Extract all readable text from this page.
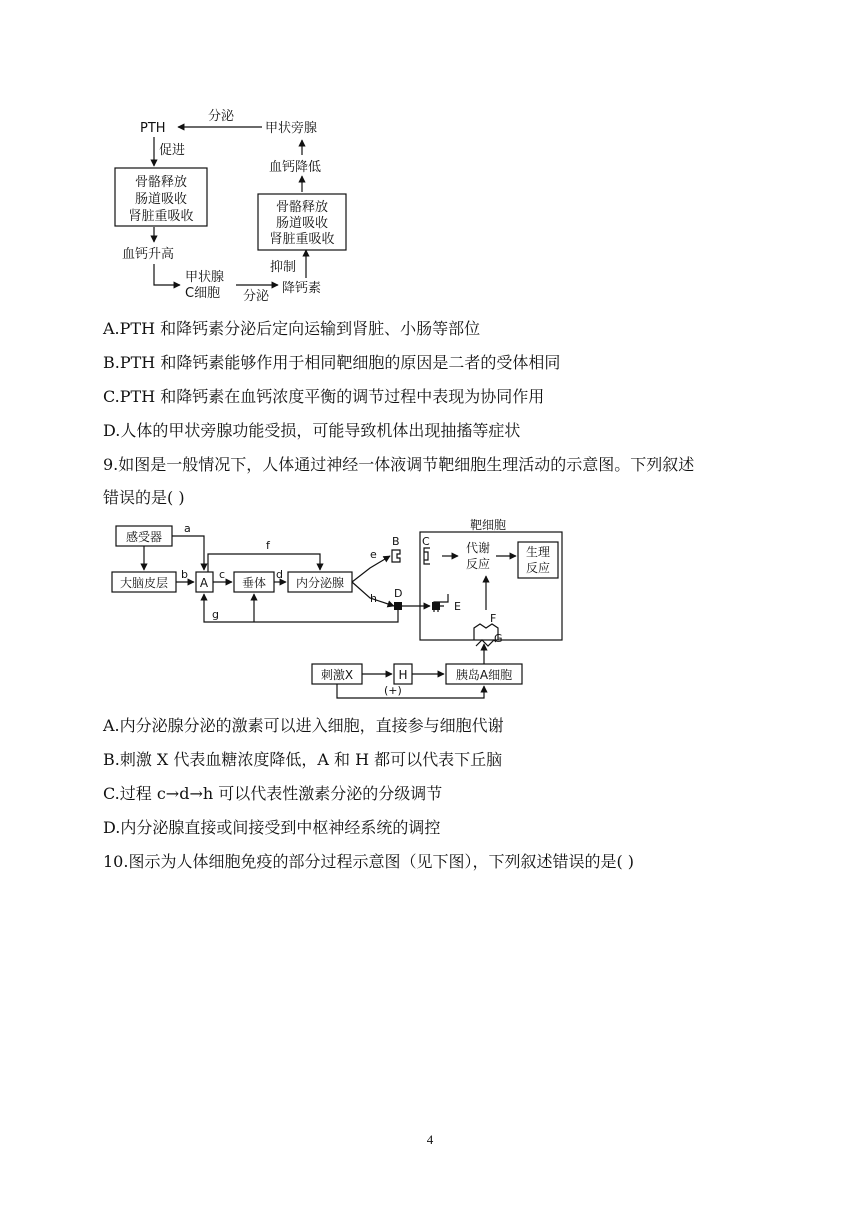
PTH
分泌
甲状旁腺
促进
骨骼释放
肠道吸收
肾脏重吸收
血钙升高
甲状腺
C细胞 分泌
降钙素
抑制
骨骼释放
肠道吸收
肾脏重吸收
血钙降低
A.PTH 和降钙素分泌后定向运输到肾脏、小肠等部位
B.PTH 和降钙素能够作用于相同靶细胞的原因是二者的受体相同
C.PTH 和降钙素在血钙浓度平衡的调节过程中表现为协同作用
D.人体的甲状旁腺功能受损，可能导致机体出现抽搐等症状
9.如图是一般情况下，人体通过神经一体液调节靶细胞生理活动的示意图。下列叙述
错误的是( )
感受器
大脑皮层	A	垂体 内分泌腺
靶细胞
代谢
反应
生理
反应
刺激X	H	胰岛A细胞
(+)
a
b	c	d
f
e
h
g
B C
D
E
F
G
A.内分泌腺分泌的激素可以进入细胞，直接参与细胞代谢
B.刺激 X 代表血糖浓度降低，A 和 H 都可以代表下丘脑
C.过程 c→d→h 可以代表性激素分泌的分级调节
D.内分泌腺直接或间接受到中枢神经系统的调控
10.图示为人体细胞免疫的部分过程示意图（见下图），下列叙述错误的是( )
4
